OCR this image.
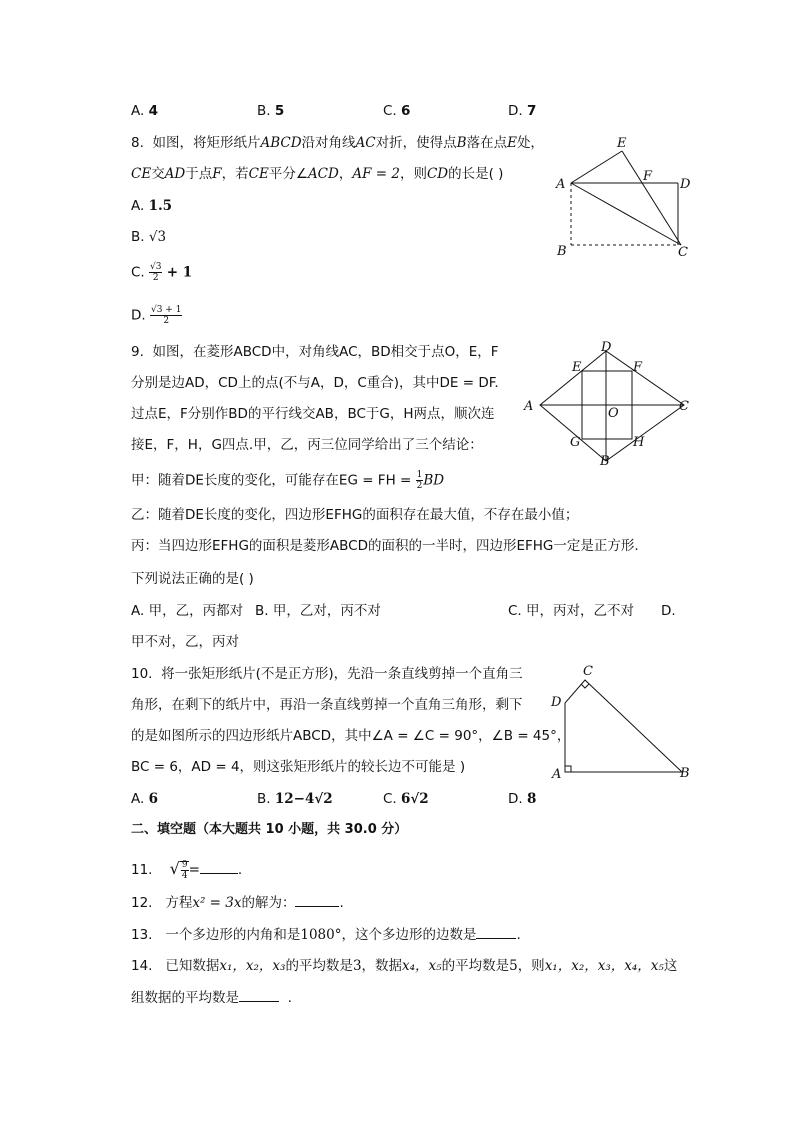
A. 4	B. 5	C. 6	D. 7
8. 如图，将矩形纸片ABCD沿对角线AC对折，使得点B落在点E处，
CE交AD于点F，若CE平分∠ACD，AF = 2，则CD的长是( )
A. 1.5
B. √3
C. $\frac{√3}{2} + 1$
D. $\frac{√3 + 1}{2}$
E
A
F
D
B	C
9. 如图，在菱形ABCD中，对角线AC，BD相交于点O，E，F
分别是边AD，CD上的点(不与A，D，C重合)，其中DE = DF.
过点E，F分别作BD的平行线交AB，BC于G，H两点，顺次连
接E，F，H，G四点.甲，乙，丙三位同学给出了三个结论：
甲：随着DE长度的变化，可能存在EG = FH = $\frac{1}{2}$ BD
乙：随着DE长度的变化，四边形EFHG的面积存在最大值，不存在最小值；
丙：当四边形EFHG的面积是菱形ABCD的面积的一半时，四边形EFHG一定是正方形.
下列说法正确的是( )
A. 甲，乙，丙都对 B. 甲，乙对，丙不对	C. 甲，丙对，乙不对 D.
甲不对，乙，丙对
D
E	F
A	O	C
G	H
B
10. 将一张矩形纸片(不是正方形)，先沿一条直线剪掉一个直角三
角形，在剩下的纸片中，再沿一条直线剪掉一个直角三角形，剩下
的是如图所示的四边形纸片ABCD，其中∠A = ∠C = 90°，∠B = 45°，
BC = 6，AD = 4，则这张矩形纸片的较长边不可能是 )
A. 6	B. 12−4√2	C. 6√2	D. 8
C
D
A	B
二、填空题（本大题共 10 小题，共 30.0 分）
11. √ $\frac{9}{4}$ =	.
12. 方程x² = 3x的解为：	.
13. 一个多边形的内角和是1080°，这个多边形的边数是	.
14. 已知数据x₁，x₂，x₃的平均数是3，数据x₄，x₅的平均数是5，则x₁，x₂，x₃，x₄，x₅这
组数据的平均数是	.
